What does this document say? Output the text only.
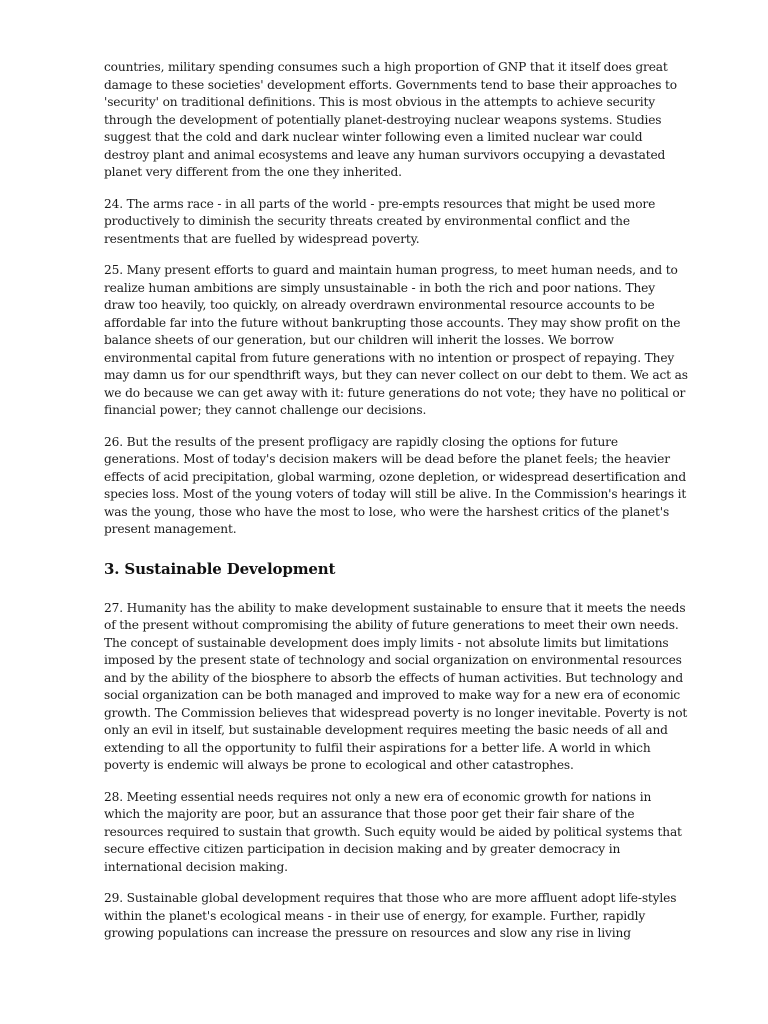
countries, military spending consumes such a high proportion of GNP that it itself does great damage to these societies' development efforts. Governments tend to base their approaches to 'security' on traditional definitions. This is most obvious in the attempts to achieve security through the development of potentially planet-destroying nuclear weapons systems. Studies suggest that the cold and dark nuclear winter following even a limited nuclear war could destroy plant and animal ecosystems and leave any human survivors occupying a devastated planet very different from the one they inherited.

24. The arms race - in all parts of the world - pre-empts resources that might be used more productively to diminish the security threats created by environmental conflict and the resentments that are fuelled by widespread poverty.

25. Many present efforts to guard and maintain human progress, to meet human needs, and to realize human ambitions are simply unsustainable - in both the rich and poor nations. They draw too heavily, too quickly, on already overdrawn environmental resource accounts to be affordable far into the future without bankrupting those accounts. They may show profit on the balance sheets of our generation, but our children will inherit the losses. We borrow environmental capital from future generations with no intention or prospect of repaying. They may damn us for our spendthrift ways, but they can never collect on our debt to them. We act as we do because we can get away with it: future generations do not vote; they have no political or financial power; they cannot challenge our decisions.

26. But the results of the present profligacy are rapidly closing the options for future generations. Most of today's decision makers will be dead before the planet feels; the heavier effects of acid precipitation, global warming, ozone depletion, or widespread desertification and species loss. Most of the young voters of today will still be alive. In the Commission's hearings it was the young, those who have the most to lose, who were the harshest critics of the planet's present management.

3. Sustainable Development

27. Humanity has the ability to make development sustainable to ensure that it meets the needs of the present without compromising the ability of future generations to meet their own needs. The concept of sustainable development does imply limits - not absolute limits but limitations imposed by the present state of technology and social organization on environmental resources and by the ability of the biosphere to absorb the effects of human activities. But technology and social organization can be both managed and improved to make way for a new era of economic growth. The Commission believes that widespread poverty is no longer inevitable. Poverty is not only an evil in itself, but sustainable development requires meeting the basic needs of all and extending to all the opportunity to fulfil their aspirations for a better life. A world in which poverty is endemic will always be prone to ecological and other catastrophes.

28. Meeting essential needs requires not only a new era of economic growth for nations in which the majority are poor, but an assurance that those poor get their fair share of the resources required to sustain that growth. Such equity would be aided by political systems that secure effective citizen participation in decision making and by greater democracy in international decision making.

29. Sustainable global development requires that those who are more affluent adopt life-styles within the planet's ecological means - in their use of energy, for example. Further, rapidly growing populations can increase the pressure on resources and slow any rise in living
